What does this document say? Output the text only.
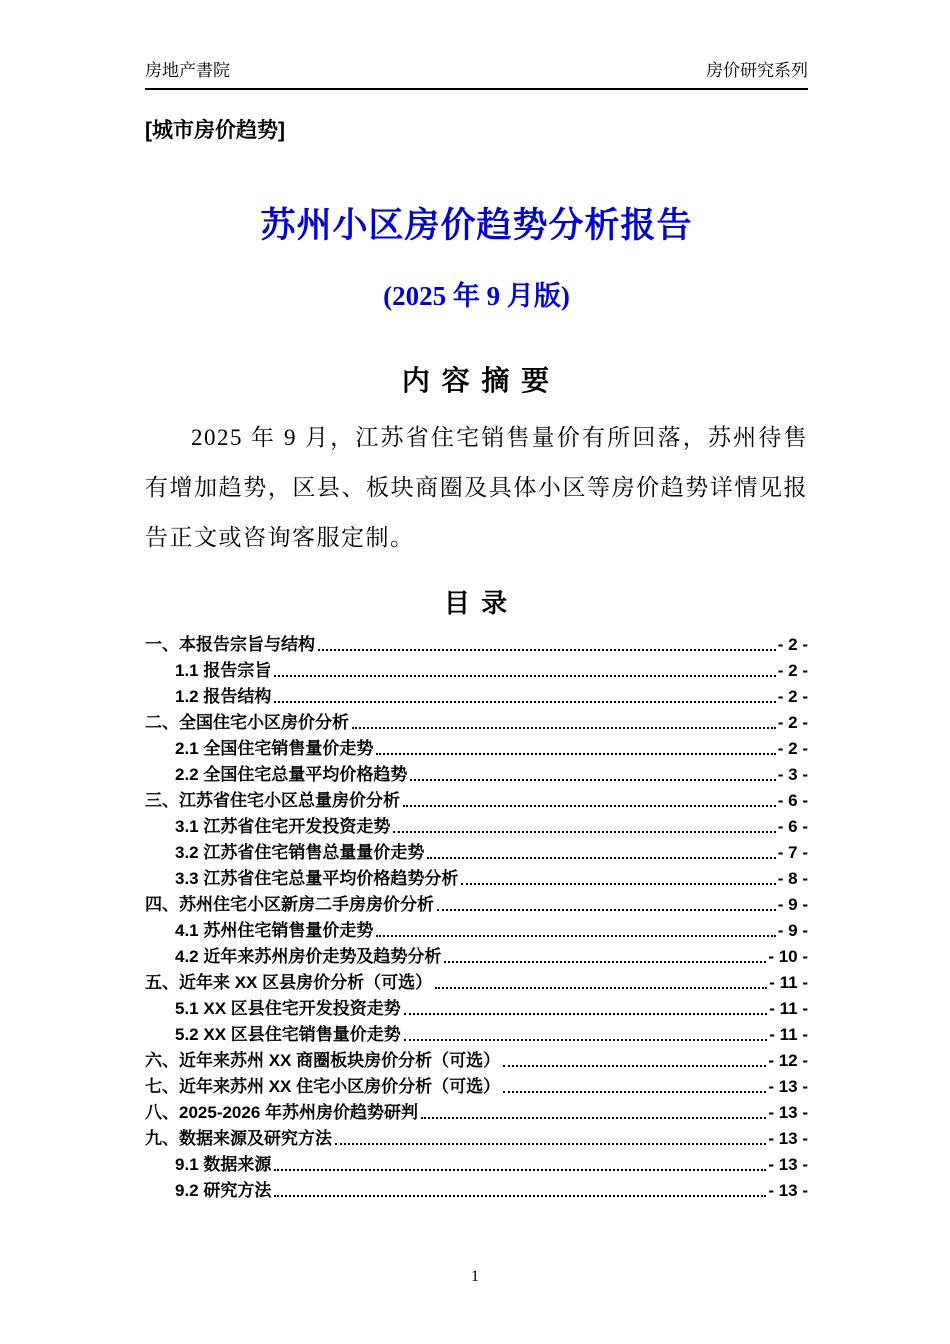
房地产書院	房价研究系列
[城市房价趋势]
苏州小区房价趋势分析报告
(2025 年 9 月版)
内 容 摘 要
2025 年 9 月，江苏省住宅销售量价有所回落，苏州待售有增加趋势，区县、板块商圈及具体小区等房价趋势详情见报告正文或咨询客服定制。
目 录
一、本报告宗旨与结构	- 2 -
1.1 报告宗旨	- 2 -
1.2 报告结构	- 2 -
二、全国住宅小区房价分析	- 2 -
2.1 全国住宅销售量价走势	- 2 -
2.2 全国住宅总量平均价格趋势	- 3 -
三、江苏省住宅小区总量房价分析	- 6 -
3.1 江苏省住宅开发投资走势	- 6 -
3.2 江苏省住宅销售总量量价走势	- 7 -
3.3 江苏省住宅总量平均价格趋势分析	- 8 -
四、苏州住宅小区新房二手房房价分析	- 9 -
4.1 苏州住宅销售量价走势	- 9 -
4.2 近年来苏州房价走势及趋势分析	- 10 -
五、近年来 XX 区县房价分析（可选）	- 11 -
5.1 XX 区县住宅开发投资走势	- 11 -
5.2 XX 区县住宅销售量价走势	- 11 -
六、近年来苏州 XX 商圈板块房价分析（可选）	- 12 -
七、近年来苏州 XX 住宅小区房价分析（可选）	- 13 -
八、2025-2026 年苏州房价趋势研判	- 13 -
九、数据来源及研究方法	- 13 -
9.1 数据来源	- 13 -
9.2 研究方法	- 13 -
1
